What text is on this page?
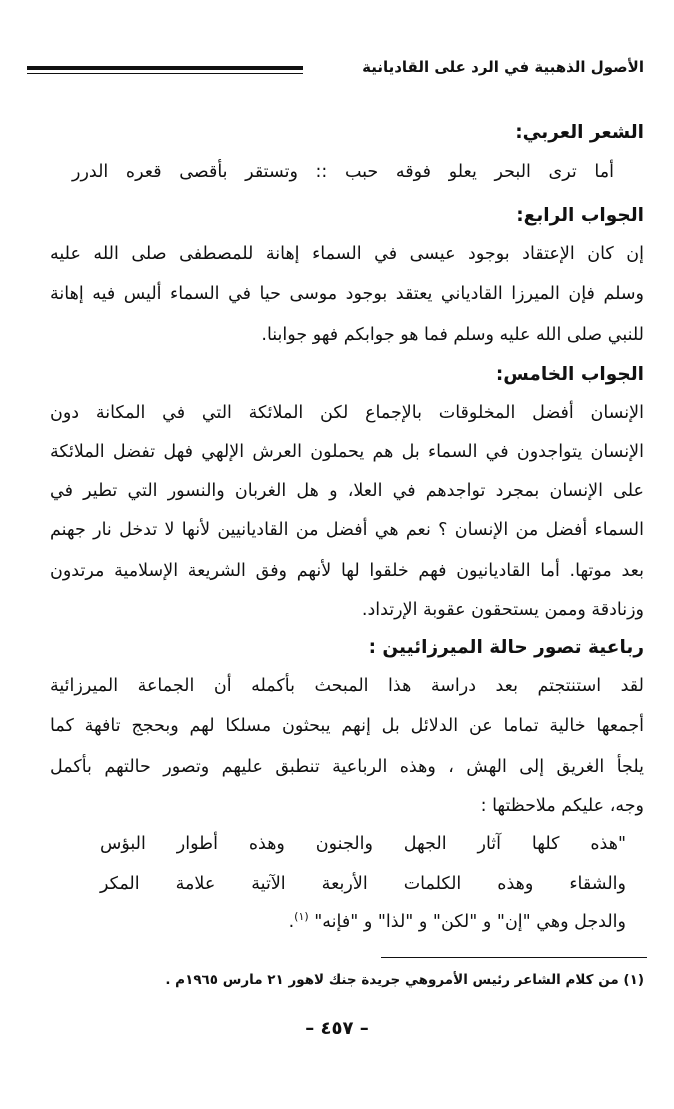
الأصول الذهبية في الرد على القاديانية
الشعر العربي:
أما ترى البحر يعلو فوقه حبب :: وتستقر بأقصى قعره الدرر
الجواب الرابع:
إن كان الإعتقاد بوجود عيسى في السماء إهانة للمصطفى صلى الله عليه
وسلم فإن الميرزا القادياني يعتقد بوجود موسى حيا في السماء أليس فيه إهانة
للنبي صلى الله عليه وسلم فما هو جوابكم فهو جوابنا.
الجواب الخامس:
الإنسان أفضل المخلوقات بالإجماع لكن الملائكة التي في المكانة دون
الإنسان يتواجدون في السماء بل هم يحملون العرش الإلهي فهل تفضل الملائكة
على الإنسان بمجرد تواجدهم في العلا، و هل الغربان والنسور التي تطير في
السماء أفضل من الإنسان ؟ نعم هي أفضل من القاديانيين لأنها لا تدخل نار جهنم
بعد موتها. أما القاديانيون فهم خلقوا لها لأنهم وفق الشريعة الإسلامية مرتدون
وزنادقة وممن يستحقون عقوبة الإرتداد.
رباعية تصور حالة الميرزائيين :
لقد استنتجتم بعد دراسة هذا المبحث بأكمله أن الجماعة الميرزائية
أجمعها خالية تماما عن الدلائل بل إنهم يبحثون مسلكا لهم وبحجج تافهة كما
يلجأ الغريق إلى الهش ، وهذه الرباعية تنطبق عليهم وتصور حالتهم بأكمل
وجه، عليكم ملاحظتها :
"هذه كلها آثار الجهل والجنون وهذه أطوار البؤس
والشقاء وهذه الكلمات الأربعة الآتية علامة المكر
والدجل وهي "إن" و "لكن" و "لذا" و "فإنه" $^{(١)}$.
(١) من كلام الشاعر رئيس الأمروهي جريدة جنك لاهور ٢١ مارس ١٩٦٥م .
– ٤٥٧ –
